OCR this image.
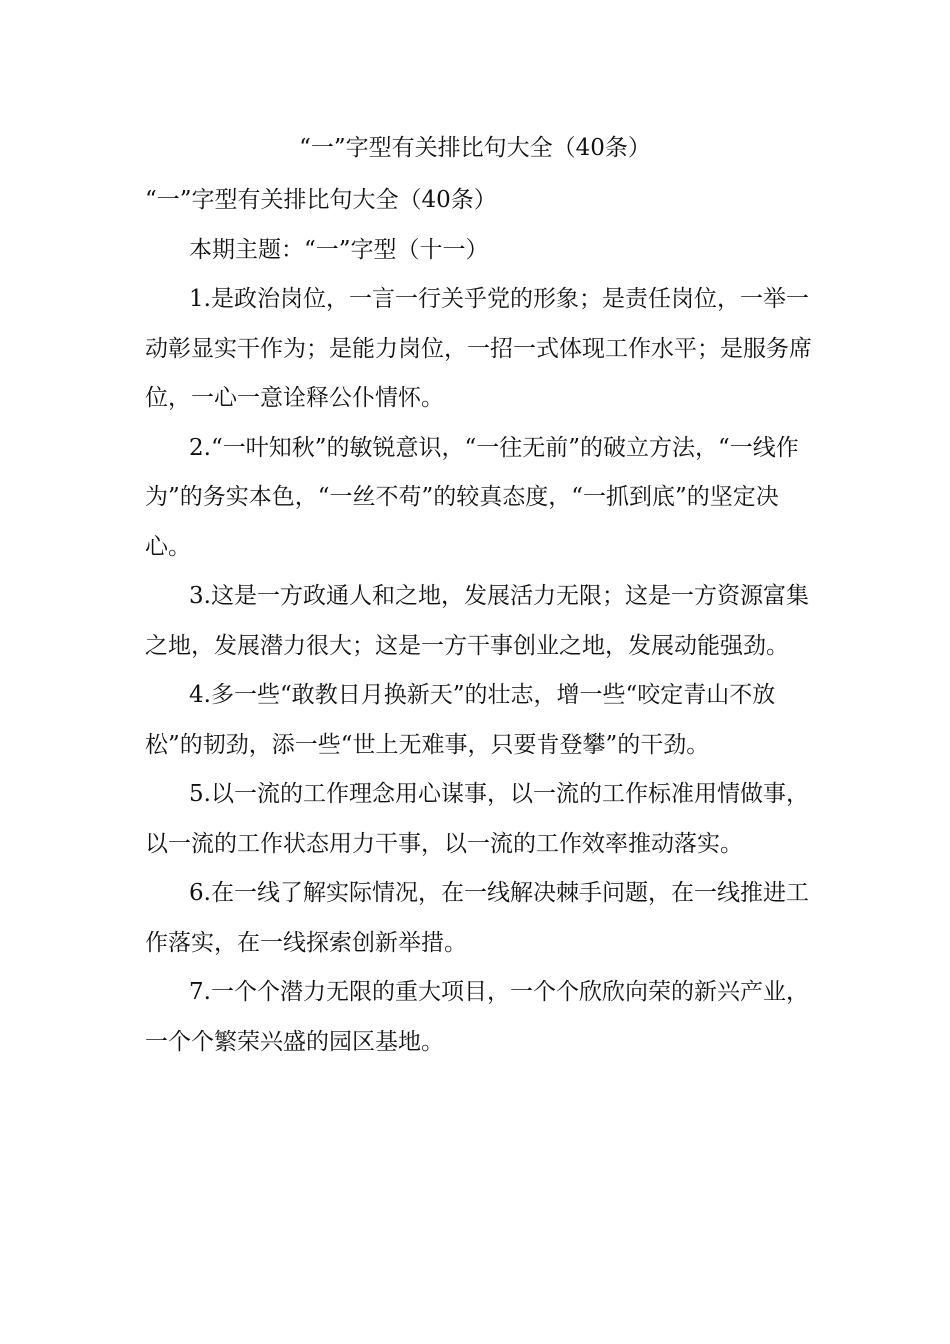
“一”字型有关排比句大全（40条）

“一”字型有关排比句大全（40条）

本期主题：“一”字型（十一）

1.是政治岗位，一言一行关乎党的形象；是责任岗位，一举一动彰显实干作为；是能力岗位，一招一式体现工作水平；是服务席位，一心一意诠释公仆情怀。

2.“一叶知秋”的敏锐意识，“一往无前”的破立方法，“一线作为”的务实本色，“一丝不苟”的较真态度，“一抓到底”的坚定决心。

3.这是一方政通人和之地，发展活力无限；这是一方资源富集之地，发展潜力很大；这是一方干事创业之地，发展动能强劲。

4.多一些“敢教日月换新天”的壮志，增一些“咬定青山不放松”的韧劲，添一些“世上无难事，只要肯登攀”的干劲。

5.以一流的工作理念用心谋事，以一流的工作标准用情做事，以一流的工作状态用力干事，以一流的工作效率推动落实。

6.在一线了解实际情况，在一线解决棘手问题，在一线推进工作落实，在一线探索创新举措。

7.一个个潜力无限的重大项目，一个个欣欣向荣的新兴产业，一个个繁荣兴盛的园区基地。
